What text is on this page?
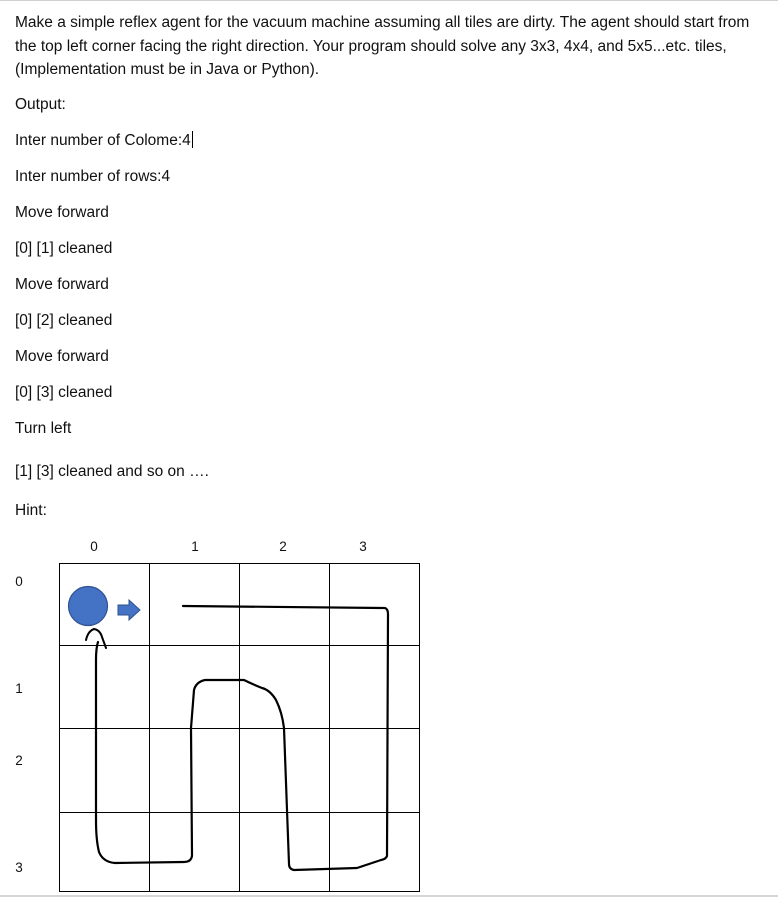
Make a simple reflex agent for the vacuum machine assuming all tiles are dirty. The agent should start from the top left corner facing the right direction. Your program should solve any 3x3, 4x4, and 5x5...etc. tiles, (Implementation must be in Java or Python).
Output:
Inter number of Colome:4
Inter number of rows:4
Move forward
[0] [1] cleaned
Move forward
[0] [2] cleaned
Move forward
[0] [3] cleaned
Turn left
[1] [3] cleaned and so on ….
Hint:
0	1	2	3
0
1
2
3
